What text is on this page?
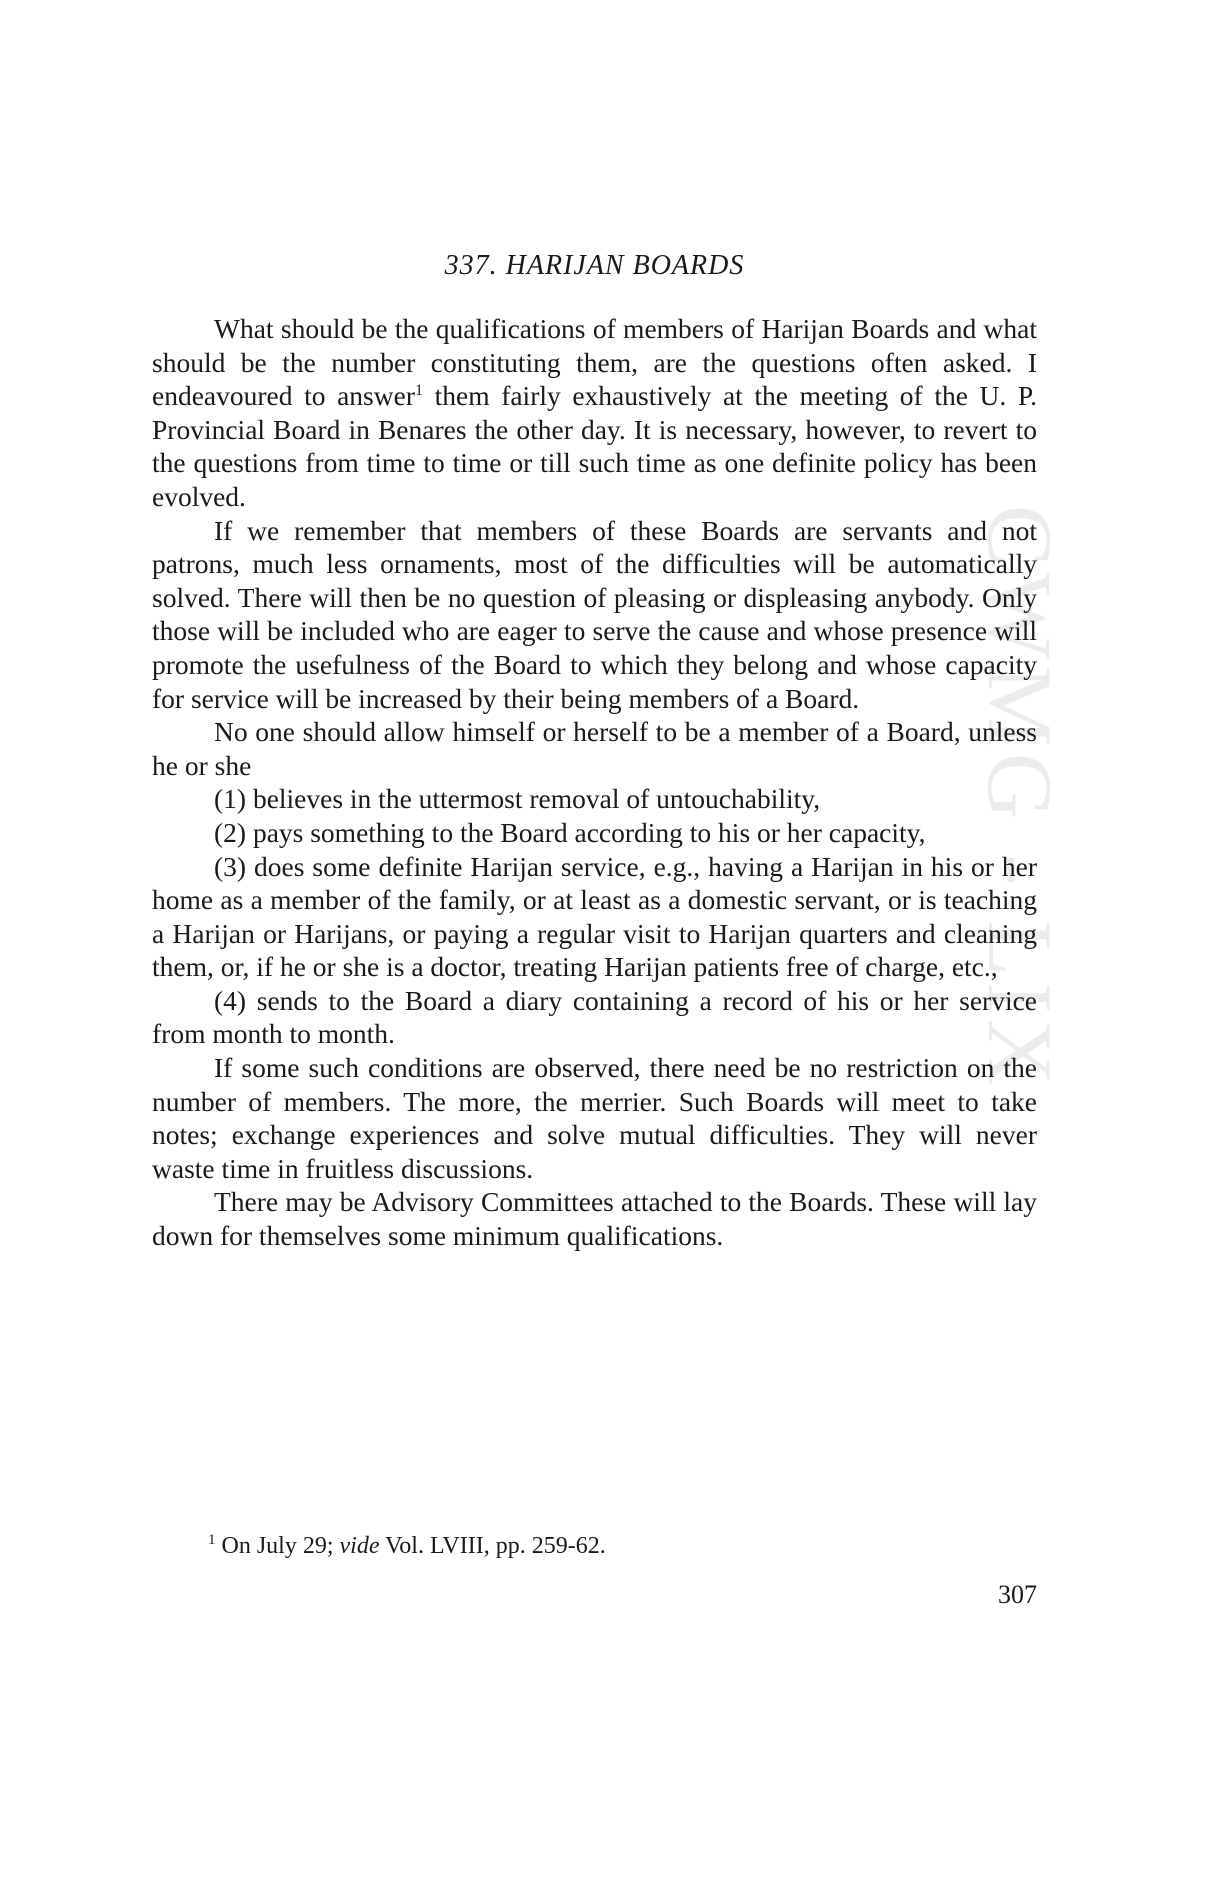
CWMG - LIX
337. HARIJAN BOARDS

What should be the qualifications of members of Harijan Boards and what should be the number constituting them, are the questions often asked. I endeavoured to answer$^1$ them fairly exhaustively at the meeting of the U. P. Provincial Board in Benares the other day. It is necessary, however, to revert to the questions from time to time or till such time as one definite policy has been evolved.

If we remember that members of these Boards are servants and not patrons, much less ornaments, most of the difficulties will be automatically solved. There will then be no question of pleasing or displeasing anybody. Only those will be included who are eager to serve the cause and whose presence will promote the usefulness of the Board to which they belong and whose capacity for service will be increased by their being members of a Board.

No one should allow himself or herself to be a member of a Board, unless he or she

(1) believes in the uttermost removal of untouchability,

(2) pays something to the Board according to his or her capacity,

(3) does some definite Harijan service, e.g., having a Harijan in his or her home as a member of the family, or at least as a domestic servant, or is teaching a Harijan or Harijans, or paying a regular visit to Harijan quarters and cleaning them, or, if he or she is a doctor, treating Harijan patients free of charge, etc.,

(4) sends to the Board a diary containing a record of his or her service from month to month.

If some such conditions are observed, there need be no restriction on the number of members. The more, the merrier. Such Boards will meet to take notes; exchange experiences and solve mutual difficulties. They will never waste time in fruitless discussions.

There may be Advisory Committees attached to the Boards. These will lay down for themselves some minimum qualifications.

$^1$ On July 29; vide Vol. LVIII, pp. 259-62.
307
